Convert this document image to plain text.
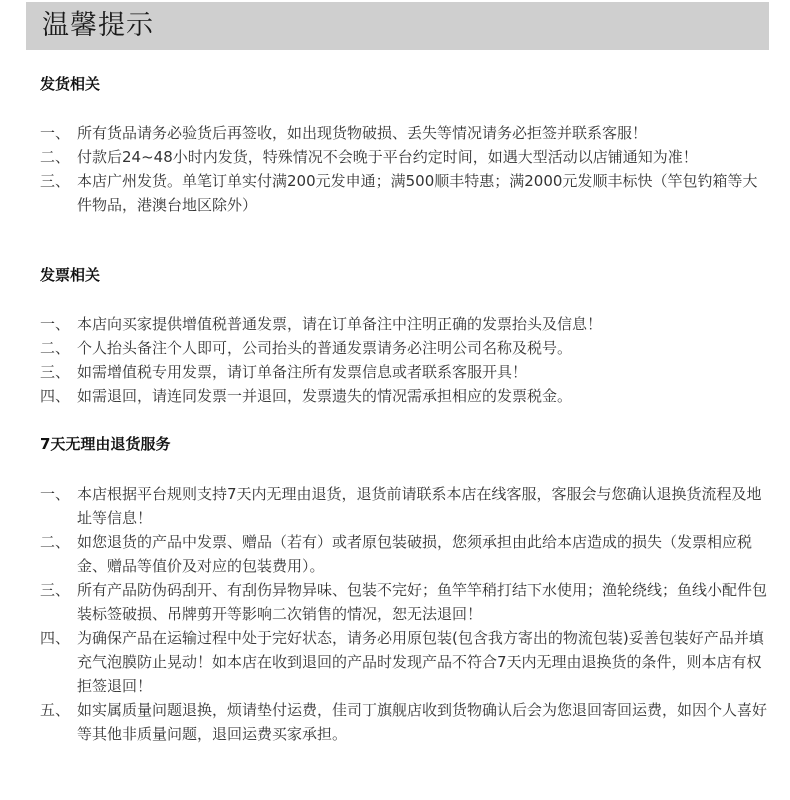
温馨提示
发货相关
一、 所有货品请务必验货后再签收，如出现货物破损、丢失等情况请务必拒签并联系客服！
二、 付款后24~48小时内发货，特殊情况不会晚于平台约定时间，如遇大型活动以店铺通知为准！
三、 本店广州发货。单笔订单实付满200元发申通；满500顺丰特惠；满2000元发顺丰标快（竿包钓箱等大件物品，港澳台地区除外）
发票相关
一、 本店向买家提供增值税普通发票，请在订单备注中注明正确的发票抬头及信息！
二、 个人抬头备注个人即可，公司抬头的普通发票请务必注明公司名称及税号。
三、 如需增值税专用发票，请订单备注所有发票信息或者联系客服开具！
四、 如需退回，请连同发票一并退回，发票遗失的情况需承担相应的发票税金。
7天无理由退货服务
一、 本店根据平台规则支持7天内无理由退货，退货前请联系本店在线客服，客服会与您确认退换货流程及地址等信息！
二、 如您退货的产品中发票、赠品（若有）或者原包装破损，您须承担由此给本店造成的损失（发票相应税金、赠品等值价及对应的包装费用）。
三、 所有产品防伪码刮开、有刮伤异物异味、包装不完好；鱼竿竿稍打结下水使用；渔轮绕线；鱼线小配件包装标签破损、吊牌剪开等影响二次销售的情况，恕无法退回！
四、 为确保产品在运输过程中处于完好状态，请务必用原包装(包含我方寄出的物流包装)妥善包装好产品并填充气泡膜防止晃动！如本店在收到退回的产品时发现产品不符合7天内无理由退换货的条件，则本店有权拒签退回！
五、 如实属质量问题退换，烦请垫付运费，佳司丁旗舰店收到货物确认后会为您退回寄回运费，如因个人喜好等其他非质量问题，退回运费买家承担。
